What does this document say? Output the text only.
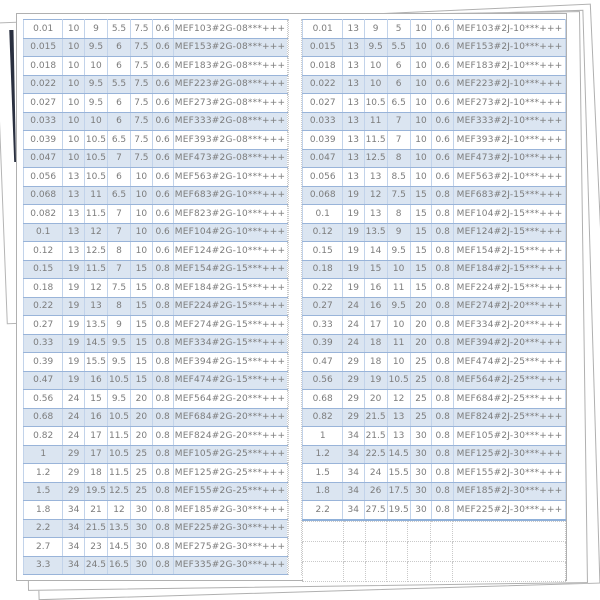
0.01	10	9	5.5	7.5	0.6	MEF103#2G-08***+++
0.015	10	9.5	6	7.5	0.6	MEF153#2G-08***+++
0.018	10	10	6	7.5	0.6	MEF183#2G-08***+++
0.022	10	9.5	5.5	7.5	0.6	MEF223#2G-08***+++
0.027	10	9.5	6	7.5	0.6	MEF273#2G-08***+++
0.033	10	10	6	7.5	0.6	MEF333#2G-08***+++
0.039	10	10.5	6.5	7.5	0.6	MEF393#2G-08***+++
0.047	10	10.5	7	7.5	0.6	MEF473#2G-08***+++
0.056	13	10.5	6	10	0.6	MEF563#2G-10***+++
0.068	13	11	6.5	10	0.6	MEF683#2G-10***+++
0.082	13	11.5	7	10	0.6	MEF823#2G-10***+++
0.1	13	12	7	10	0.6	MEF104#2G-10***+++
0.12	13	12.5	8	10	0.6	MEF124#2G-10***+++
0.15	19	11.5	7	15	0.8	MEF154#2G-15***+++
0.18	19	12	7.5	15	0.8	MEF184#2G-15***+++
0.22	19	13	8	15	0.8	MEF224#2G-15***+++
0.27	19	13.5	9	15	0.8	MEF274#2G-15***+++
0.33	19	14.5	9.5	15	0.8	MEF334#2G-15***+++
0.39	19	15.5	9.5	15	0.8	MEF394#2G-15***+++
0.47	19	16	10.5	15	0.8	MEF474#2G-15***+++
0.56	24	15	9.5	20	0.8	MEF564#2G-20***+++
0.68	24	16	10.5	20	0.8	MEF684#2G-20***+++
0.82	24	17	11.5	20	0.8	MEF824#2G-20***+++
1	29	17	10.5	25	0.8	MEF105#2G-25***+++
1.2	29	18	11.5	25	0.8	MEF125#2G-25***+++
1.5	29	19.5	12.5	25	0.8	MEF155#2G-25***+++
1.8	34	21	12	30	0.8	MEF185#2G-30***+++
2.2	34	21.5	13.5	30	0.8	MEF225#2G-30***+++
2.7	34	23	14.5	30	0.8	MEF275#2G-30***+++
3.3	34	24.5	16.5	30	0.8	MEF335#2G-30***+++
0.01	13	9	5	10	0.6	MEF103#2J-10***+++
0.015	13	9.5	5.5	10	0.6	MEF153#2J-10***+++
0.018	13	10	6	10	0.6	MEF183#2J-10***+++
0.022	13	10	6	10	0.6	MEF223#2J-10***+++
0.027	13	10.5	6.5	10	0.6	MEF273#2J-10***+++
0.033	13	11	7	10	0.6	MEF333#2J-10***+++
0.039	13	11.5	7	10	0.6	MEF393#2J-10***+++
0.047	13	12.5	8	10	0.6	MEF473#2J-10***+++
0.056	13	13	8.5	10	0.6	MEF563#2J-10***+++
0.068	19	12	7.5	15	0.8	MEF683#2J-15***+++
0.1	19	13	8	15	0.8	MEF104#2J-15***+++
0.12	19	13.5	9	15	0.8	MEF124#2J-15***+++
0.15	19	14	9.5	15	0.8	MEF154#2J-15***+++
0.18	19	15	10	15	0.8	MEF184#2J-15***+++
0.22	19	16	11	15	0.8	MEF224#2J-15***+++
0.27	24	16	9.5	20	0.8	MEF274#2J-20***+++
0.33	24	17	10	20	0.8	MEF334#2J-20***+++
0.39	24	18	11	20	0.8	MEF394#2J-20***+++
0.47	29	18	10	25	0.8	MEF474#2J-25***+++
0.56	29	19	10.5	25	0.8	MEF564#2J-25***+++
0.68	29	20	12	25	0.8	MEF684#2J-25***+++
0.82	29	21.5	13	25	0.8	MEF824#2J-25***+++
1	34	21.5	13	30	0.8	MEF105#2J-30***+++
1.2	34	22.5	14.5	30	0.8	MEF125#2J-30***+++
1.5	34	24	15.5	30	0.8	MEF155#2J-30***+++
1.8	34	26	17.5	30	0.8	MEF185#2J-30***+++
2.2	34	27.5	19.5	30	0.8	MEF225#2J-30***+++
